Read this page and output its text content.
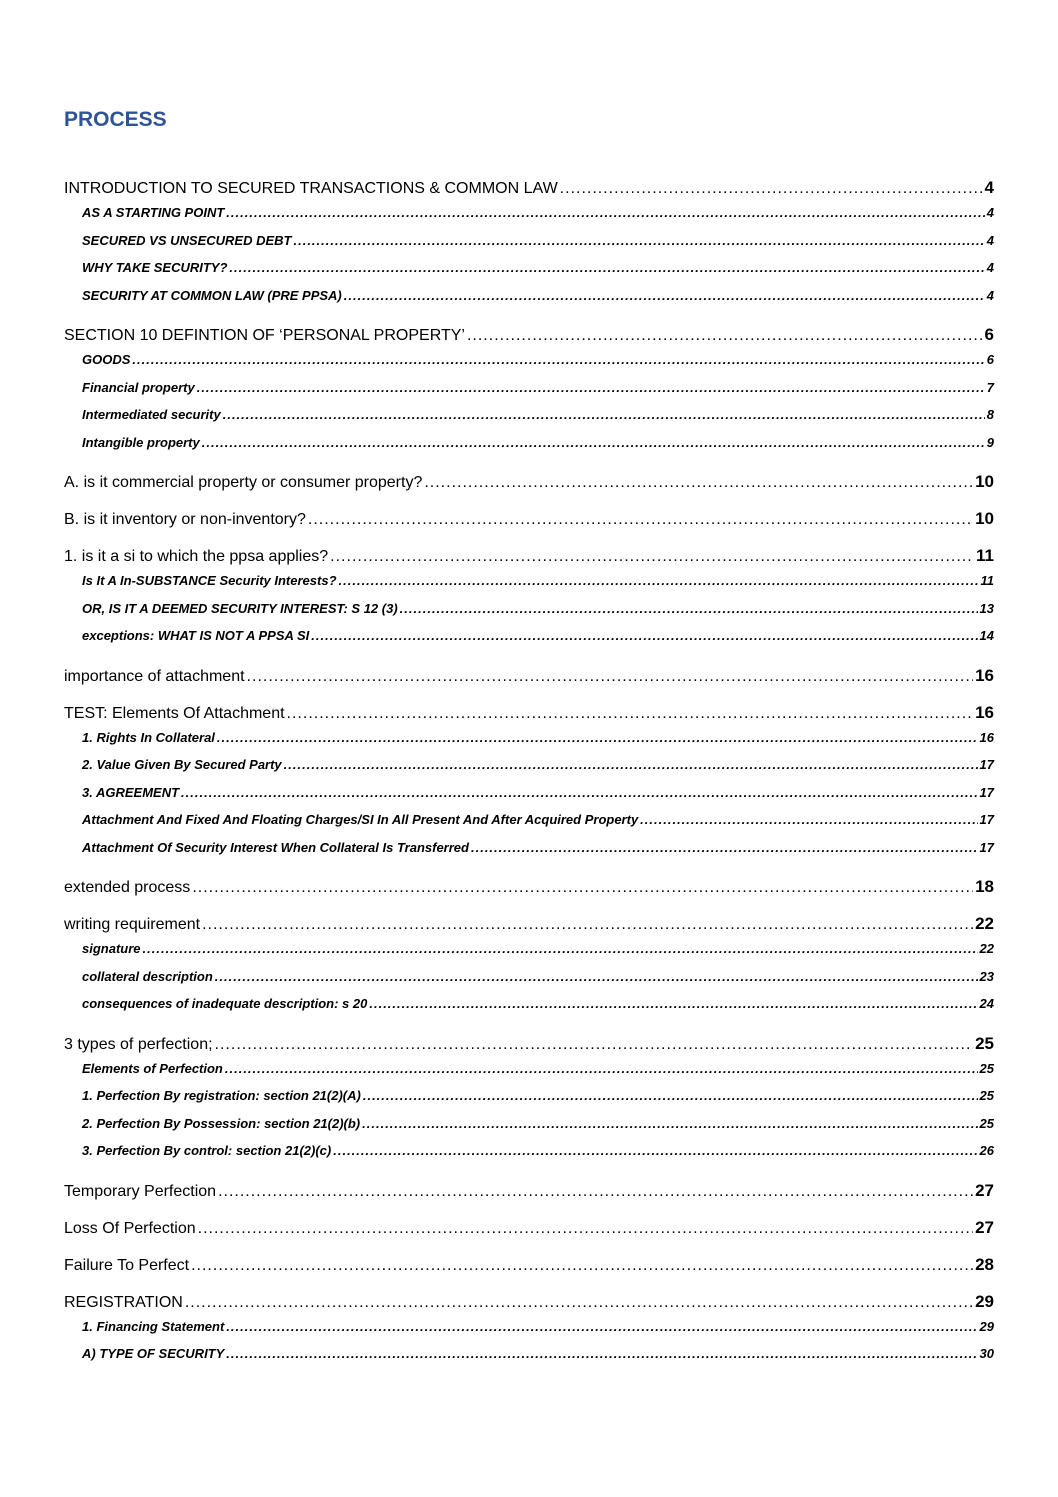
PROCESS
INTRODUCTION TO SECURED TRANSACTIONS & COMMON LAW .....	4
AS A STARTING POINT .....	4
SECURED VS UNSECURED DEBT .....	4
WHY TAKE SECURITY? .....	4
SECURITY AT COMMON LAW (PRE PPSA) .....	4
SECTION 10 DEFINTION OF ‘PERSONAL PROPERTY’ .....	6
GOODS .....	6
Financial property .....	7
Intermediated security .....	8
Intangible property .....	9
A. is it commercial property or consumer property? .....	10
B. is it inventory or non-inventory? .....	10
1. is it a si to which the ppsa applies? .....	11
Is It A In-SUBSTANCE Security Interests? .....	11
OR, IS IT A DEEMED SECURITY INTEREST: S 12 (3) .....	13
exceptions: WHAT IS NOT A PPSA SI .....	14
importance of attachment .....	16
TEST: Elements Of Attachment .....	16
1. Rights In Collateral .....	16
2. Value Given By Secured Party .....	17
3. AGREEMENT .....	17
Attachment And Fixed And Floating Charges/SI In All Present And After Acquired Property .....	17
Attachment Of Security Interest When Collateral Is Transferred .....	17
extended process .....	18
writing requirement .....	22
signature .....	22
collateral description .....	23
consequences of inadequate description: s 20 .....	24
3 types of perfection; .....	25
Elements of Perfection .....	25
1. Perfection By registration: section 21(2)(A) .....	25
2. Perfection By Possession: section 21(2)(b) .....	25
3. Perfection By control: section 21(2)(c) .....	26
Temporary Perfection .....	27
Loss Of Perfection .....	27
Failure To Perfect .....	28
REGISTRATION .....	29
1. Financing Statement .....	29
A) TYPE OF SECURITY .....	30
